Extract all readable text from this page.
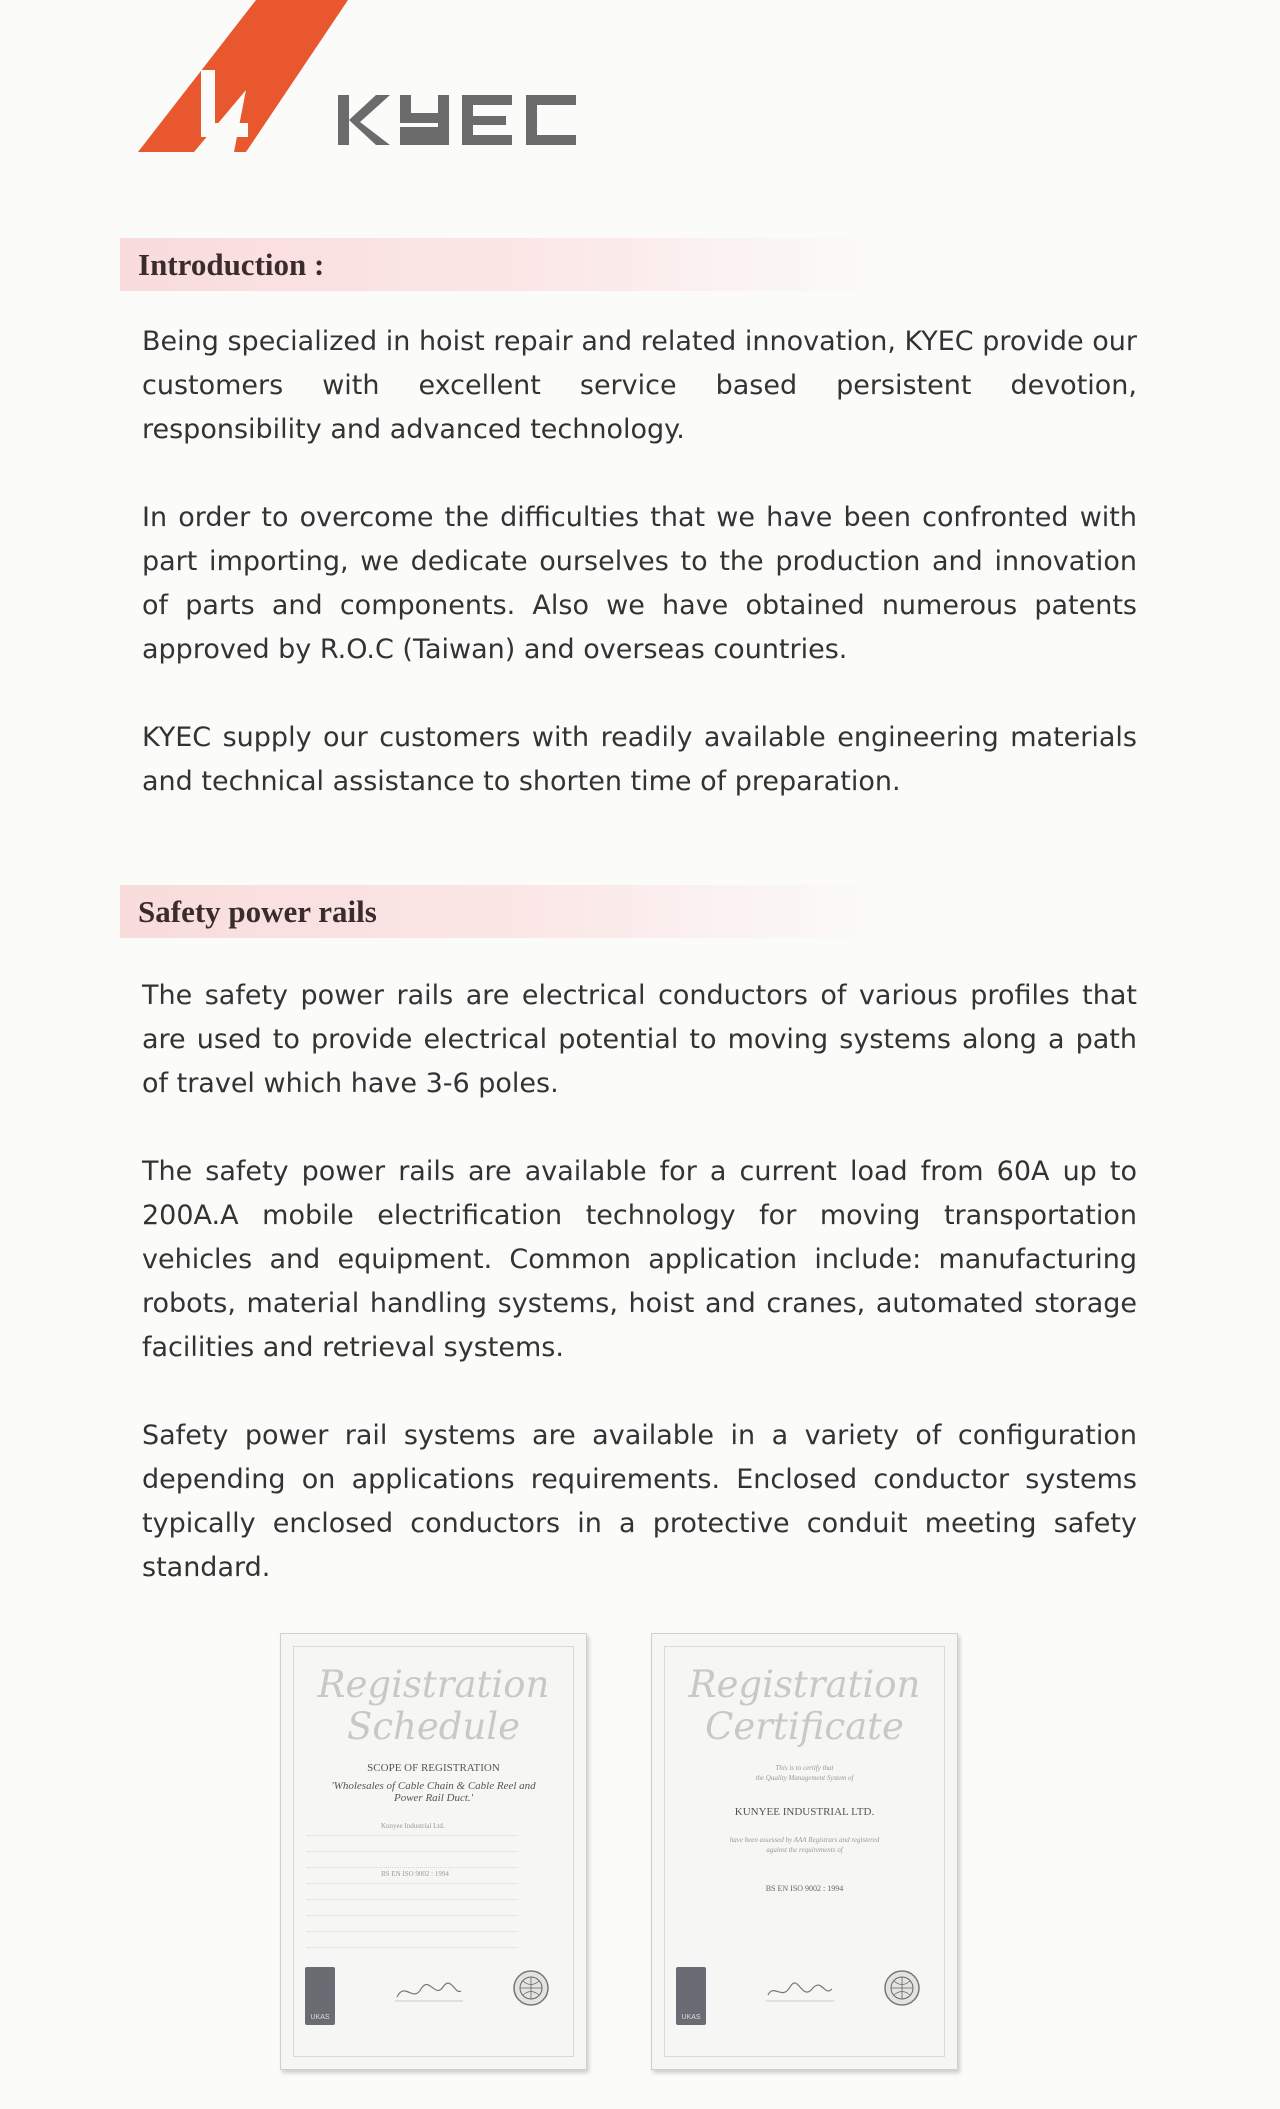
Introduction :

Being specialized in hoist repair and related innovation, KYEC provide our customers with excellent service based persistent devotion, responsibility and advanced technology.

In order to overcome the difficulties that we have been confronted with part importing, we dedicate ourselves to the production and innovation of parts and components. Also we have obtained numerous patents approved by R.O.C (Taiwan) and overseas countries.

KYEC supply our customers with readily available engineering materials and technical assistance to shorten time of preparation.

Safety power rails

The safety power rails are electrical conductors of various profiles that are used to provide electrical potential to moving systems along a path of travel which have 3-6 poles.

The safety power rails are available for a current load from 60A up to 200A.A mobile electrification technology for moving transportation vehicles and equipment. Common application include: manufacturing robots, material handling systems, hoist and cranes, automated storage facilities and retrieval systems.

Safety power rail systems are available in a variety of configuration depending on applications requirements. Enclosed conductor systems typically enclosed conductors in a protective conduit meeting safety standard.

Registration
Schedule
SCOPE OF REGISTRATION
'Wholesales of Cable Chain & Cable Reel and Power Rail Duct.'
Kunyee Industrial Ltd.
BS EN ISO 9002 : 1994
UKAS
Registration
Certificate
This is to certify that
the Quality Management System of
KUNYEE INDUSTRIAL LTD.
have been assessed by AAA Registrars and registered
against the requirements of
BS EN ISO 9002 : 1994
UKAS
